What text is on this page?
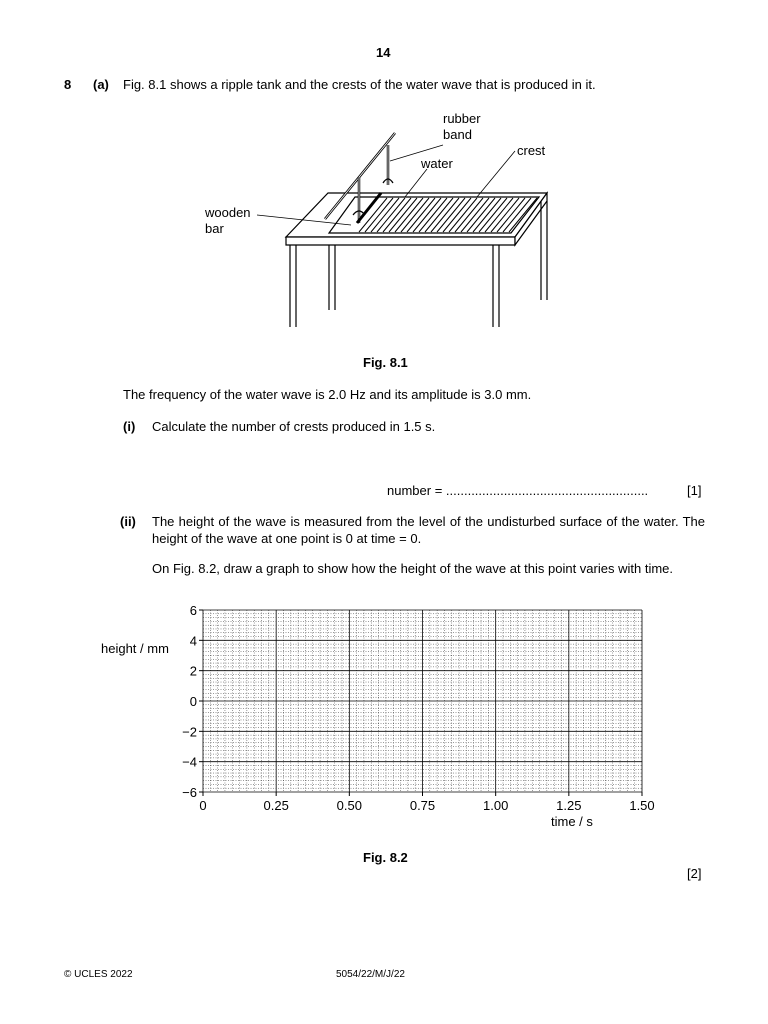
14
8 (a) Fig. 8.1 shows a ripple tank and the crests of the water wave that is produced in it.
rubber
band
crest
water
wooden
bar
Fig. 8.1
The frequency of the water wave is 2.0 Hz and its amplitude is 3.0 mm.
(i) Calculate the number of crests produced in 1.5 s.
number = ........................................................	[1]
(ii) The height of the wave is measured from the level of the undisturbed surface of the water. The height of the wave at one point is 0 at time = 0.
On Fig. 8.2, draw a graph to show how the height of the wave at this point varies with time.
height / mm
6
4
2
0
−2
−4
−6
0	0.25	0.50	0.75	1.00	1.25	1.50
time / s
Fig. 8.2
[2]
© UCLES 2022	5054/22/M/J/22
